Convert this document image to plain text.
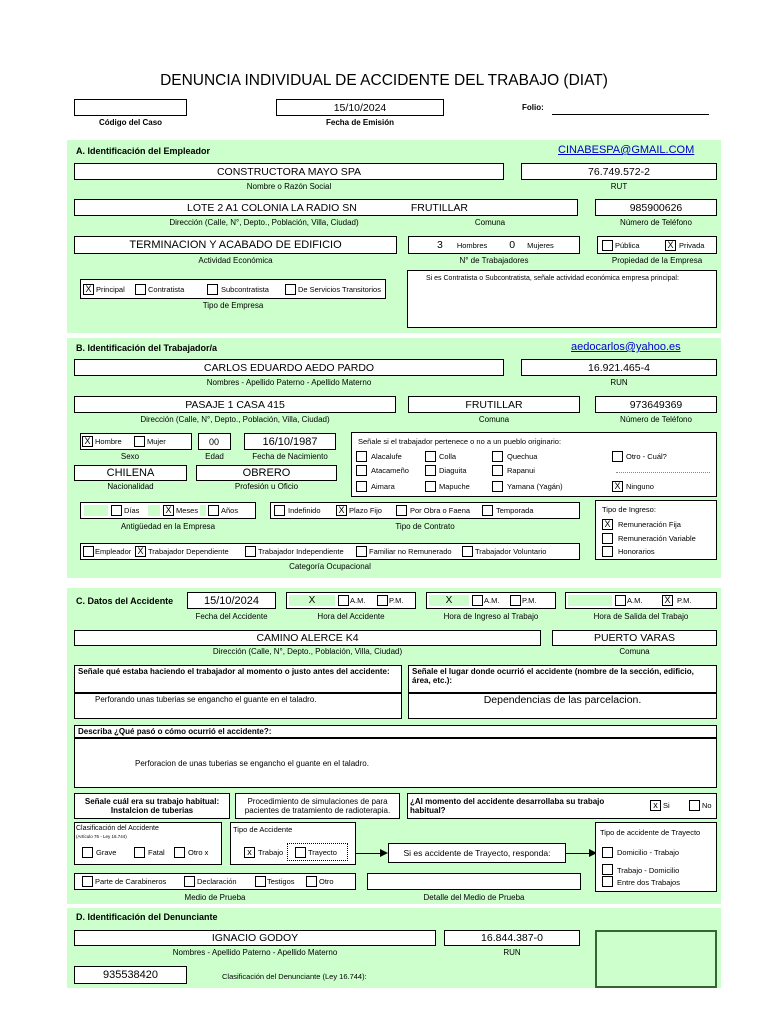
DENUNCIA INDIVIDUAL DE ACCIDENTE DEL TRABAJO (DIAT)
Código del Caso
15/10/2024
Fecha de Emisión
Folio:
A. Identificación del Empleador	CINABESPA@GMAIL.COM
CONSTRUCTORA MAYO SPA
Nombre o Razón Social
76.749.572-2
RUT
LOTE 2 A1 COLONIA LA RADIO SN	FRUTILLAR
Dirección (Calle, N°, Depto., Población, Villa, Ciudad)	Comuna
985900626
Número de Teléfono
TERMINACION Y ACABADO DE EDIFICIO
Actividad Económica
3 Hombres 0 Mujeres
N° de Trabajadores
Pública	X Privada
Propiedad de la Empresa
X Principal	Contratista	Subcontratista	De Servicios Transitorios
Tipo de Empresa
Si es Contratista o Subcontratista, señale actividad económica empresa principal:
B. Identificación del Trabajador/a	aedocarlos@yahoo.es
CARLOS EDUARDO AEDO PARDO
Nombres - Apellido Paterno - Apellido Materno
16.921.465-4
RUN
PASAJE 1 CASA 415
Dirección (Calle, N°, Depto., Población, Villa, Ciudad)
FRUTILLAR
Comuna
973649369
Número de Teléfono
X Hombre	Mujer
Sexo
00
Edad
16/10/1987
Fecha de Nacimiento
CHILENA
Nacionalidad
OBRERO
Profesión u Oficio
Señale si el trabajador pertenece o no a un pueblo originario:
Alacalufe	Colla	Quechua	Otro - Cuál?
Atacameño	Diaguita	Rapanui
Aimara	Mapuche	Yamana (Yagán)	X Ninguno
Días	X Meses	Años
Antigüedad en la Empresa
Indefinido X Plazo Fijo	Por Obra o Faena	Temporada
Tipo de Contrato
Tipo de Ingreso:
X	Remuneración Fija
Remuneración Variable
Honorarios
Empleador X Trabajador Dependiente	Trabajador Independiente	Familiar no Remunerado	Trabajador Voluntario
Categoría Ocupacional
C. Datos del Accidente	15/10/2024
Fecha del Accidente
X	A.M.	P.M.
Hora del Accidente
X	A.M.	P.M.
Hora de Ingreso al Trabajo
A.M. X P.M.
Hora de Salida del Trabajo
CAMINO ALERCE K4
Dirección (Calle, N°, Depto., Población, Villa, Ciudad)
PUERTO VARAS
Comuna
Señale qué estaba haciendo el trabajador al momento o justo antes del accidente:
Perforando unas tuberias se engancho el guante en el taladro.
Señale el lugar donde ocurrió el accidente (nombre de la sección, edificio, área, etc.):
Dependencias de las parcelacion.
Describa ¿Qué pasó o cómo ocurrió el accidente?:
Perforacion de unas tuberias se engancho el guante en el taladro.
Señale cuál era su trabajo habitual:
Instalcion de tuberias
Procedimiento de simulaciones de para pacientes de tratamiento de radioterapia.
¿Al momento del accidente desarrollaba su trabajo habitual?
x Si	No
Clasificación del Accidente
(Artículo 76 - Ley 16.744)
Grave	Fatal	Otro x
Tipo de Accidente
x Trabajo	Trayecto	Si es accidente de Trayecto, responda:
Tipo de accidente de Trayecto
Domicilio - Trabajo
Trabajo - Domicilio
Entre dos Trabajos
Parte de Carabineros	Declaración	Testigos	Otro
Medio de Prueba	Detalle del Medio de Prueba
D. Identificación del Denunciante
IGNACIO GODOY
Nombres - Apellido Paterno - Apellido Materno
16.844.387-0
RUN
935538420	Clasificación del Denunciante (Ley 16.744):
